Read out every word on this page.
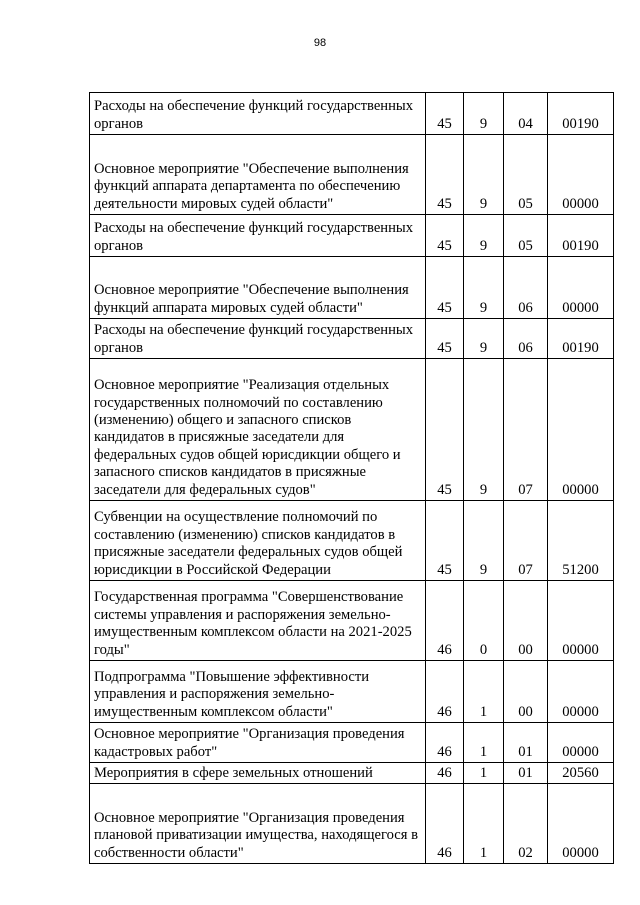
98
Расходы на обеспечение функций государственных органов	45	9	04	00190
Основное мероприятие "Обеспечение выполнения функций аппарата департамента по обеспечению деятельности мировых судей области"	45	9	05	00000
Расходы на обеспечение функций государственных органов	45	9	05	00190
Основное мероприятие "Обеспечение выполнения функций аппарата мировых судей области"	45	9	06	00000
Расходы на обеспечение функций государственных органов	45	9	06	00190
Основное мероприятие "Реализация отдельных государственных полномочий по составлению (изменению) общего и запасного списков кандидатов в присяжные заседатели для федеральных судов общей юрисдикции общего и запасного списков кандидатов в присяжные заседатели для федеральных судов"	45	9	07	00000
Субвенции на осуществление полномочий по составлению (изменению) списков кандидатов в присяжные заседатели федеральных судов общей юрисдикции в Российской Федерации	45	9	07	51200
Государственная программа "Совершенствование системы управления и распоряжения земельно-имущественным комплексом области на 2021-2025 годы"	46	0	00	00000
Подпрограмма "Повышение эффективности управления и распоряжения земельно-имущественным комплексом области"	46	1	00	00000
Основное мероприятие "Организация проведения кадастровых работ"	46	1	01	00000
Мероприятия в сфере земельных отношений	46	1	01	20560
Основное мероприятие "Организация проведения плановой приватизации имущества, находящегося в собственности области"	46	1	02	00000
